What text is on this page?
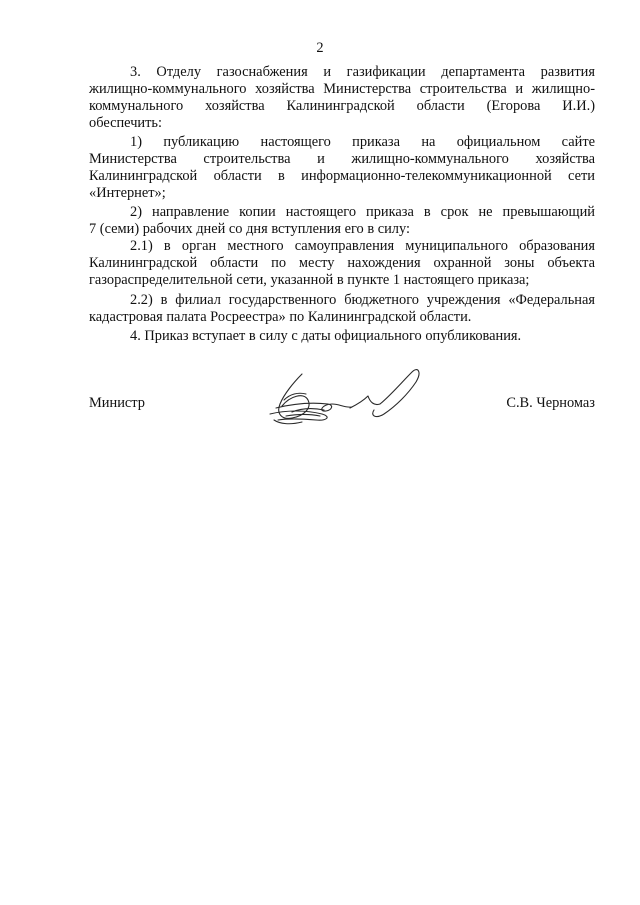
2
3. Отделу газоснабжения и газификации департамента развития
жилищно-коммунального хозяйства Министерства строительства и жилищно-
коммунального хозяйства Калининградской области (Егорова И.И.)
обеспечить:
1) публикацию настоящего приказа на официальном сайте
Министерства строительства и жилищно-коммунального хозяйства
Калининградской области в информационно-телекоммуникационной сети
«Интернет»;
2) направление копии настоящего приказа в срок не превышающий
7 (семи) рабочих дней со дня вступления его в силу:
2.1) в орган местного самоуправления муниципального образования
Калининградской области по месту нахождения охранной зоны объекта
газораспределительной сети, указанной в пункте 1 настоящего приказа;
2.2) в филиал государственного бюджетного учреждения «Федеральная
кадастровая палата Росреестра» по Калининградской области.
4. Приказ вступает в силу с даты официального опубликования.
Министр	С.В. Черномаз
